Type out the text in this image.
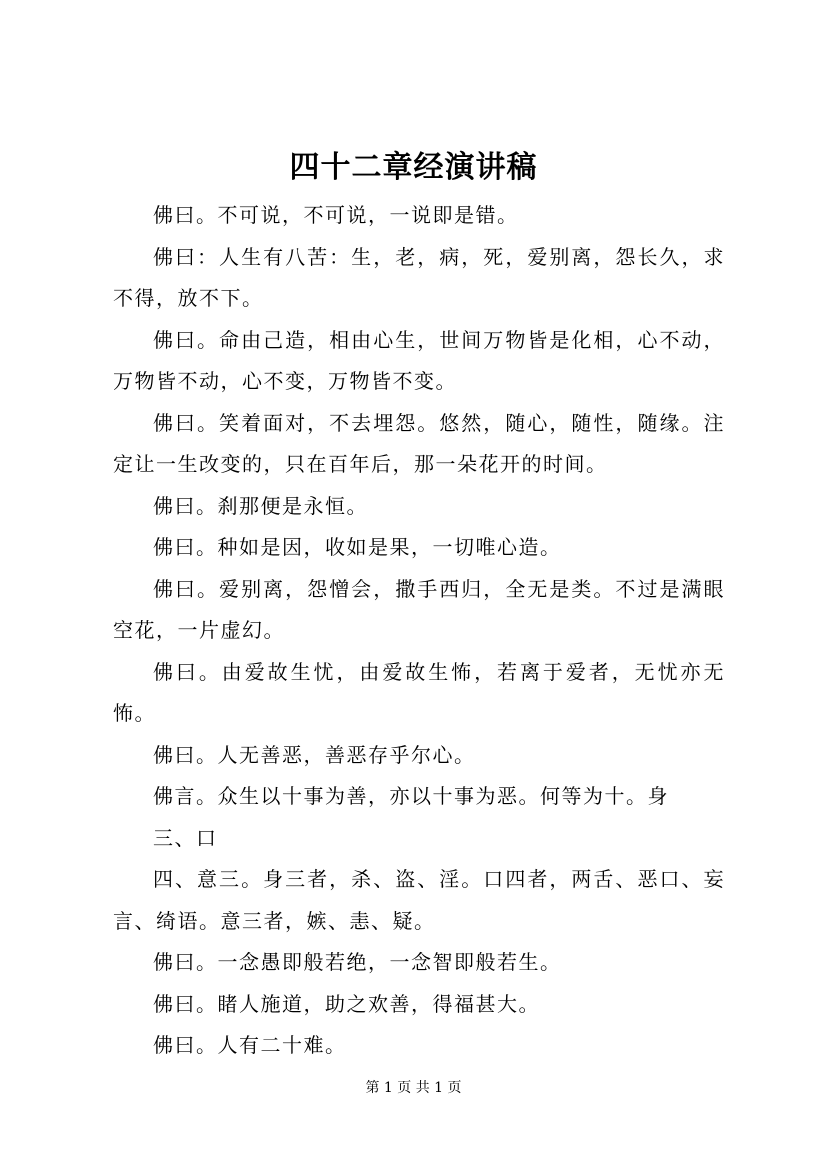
四十二章经演讲稿

佛曰。不可说，不可说，一说即是错。

佛曰：人生有八苦：生，老，病，死，爱别离，怨长久，求不得，放不下。

佛曰。命由己造，相由心生，世间万物皆是化相，心不动，万物皆不动，心不变，万物皆不变。

佛曰。笑着面对，不去埋怨。悠然，随心，随性，随缘。注定让一生改变的，只在百年后，那一朵花开的时间。

佛曰。刹那便是永恒。

佛曰。种如是因，收如是果，一切唯心造。

佛曰。爱别离，怨憎会，撒手西归，全无是类。不过是满眼空花，一片虚幻。

佛曰。由爱故生忧，由爱故生怖，若离于爱者，无忧亦无怖。

佛曰。人无善恶，善恶存乎尔心。

佛言。众生以十事为善，亦以十事为恶。何等为十。身

三、口

四、意三。身三者，杀、盗、淫。口四者，两舌、恶口、妄言、绮语。意三者，嫉、恚、疑。

佛曰。一念愚即般若绝，一念智即般若生。

佛曰。睹人施道，助之欢善，得福甚大。

佛曰。人有二十难。

第 1 页 共 1 页
